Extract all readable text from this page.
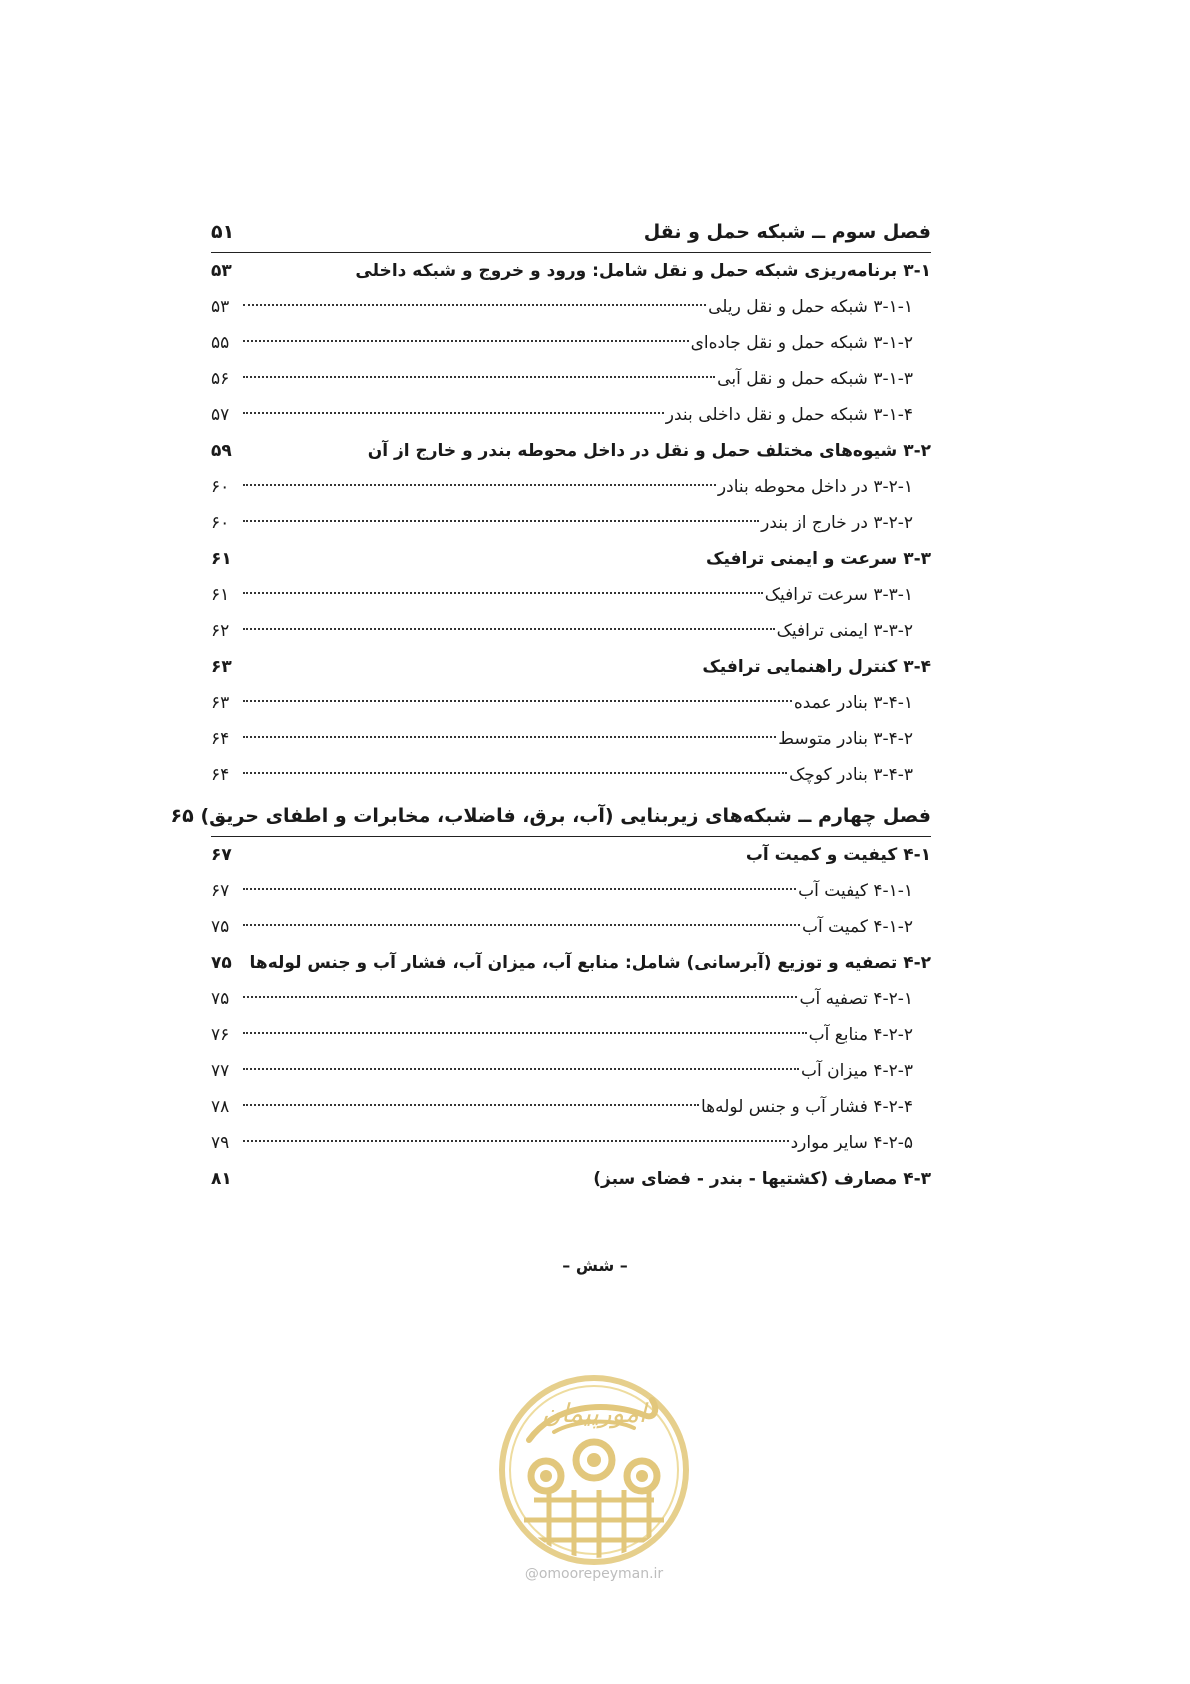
فصل سوم ــ شبکه حمل و نقل
۵۱
۳-۱ برنامه‌ریزی شبکه حمل و نقل شامل: ورود و خروج و شبکه داخلی
۵۳
۳-۱-۱ شبکه حمل و نقل ریلی
۵۳
۳-۱-۲ شبکه حمل و نقل جاده‌ای
۵۵
۳-۱-۳ شبکه حمل و نقل آبی
۵۶
۳-۱-۴ شبکه حمل و نقل داخلی بندر
۵۷
۳-۲ شیوه‌های مختلف حمل و نقل در داخل محوطه بندر و خارج از آن
۵۹
۳-۲-۱ در داخل محوطه بنادر
۶۰
۳-۲-۲ در خارج از بندر
۶۰
۳-۳ سرعت و ایمنی ترافیک
۶۱
۳-۳-۱ سرعت ترافیک
۶۱
۳-۳-۲ ایمنی ترافیک
۶۲
۳-۴ کنترل راهنمایی ترافیک
۶۳
۳-۴-۱ بنادر عمده
۶۳
۳-۴-۲ بنادر متوسط
۶۴
۳-۴-۳ بنادر کوچک
۶۴
فصل چهارم ــ شبکه‌های زیربنایی (آب، برق، فاضلاب، مخابرات و اطفای حریق)
۶۵
۴-۱ کیفیت و کمیت آب
۶۷
۴-۱-۱ کیفیت آب
۶۷
۴-۱-۲ کمیت آب
۷۵
۴-۲ تصفیه و توزیع (آبرسانی) شامل: منابع آب، میزان آب، فشار آب و جنس لوله‌ها
۷۵
۴-۲-۱ تصفیه آب
۷۵
۴-۲-۲ منابع آب
۷۶
۴-۲-۳ میزان آب
۷۷
۴-۲-۴ فشار آب و جنس لوله‌ها
۷۸
۴-۲-۵ سایر موارد
۷۹
۴-۳ مصارف (کشتیها - بندر - فضای سبز)
۸۱
– شش –
امورپیمان
@omoorepeyman.ir
